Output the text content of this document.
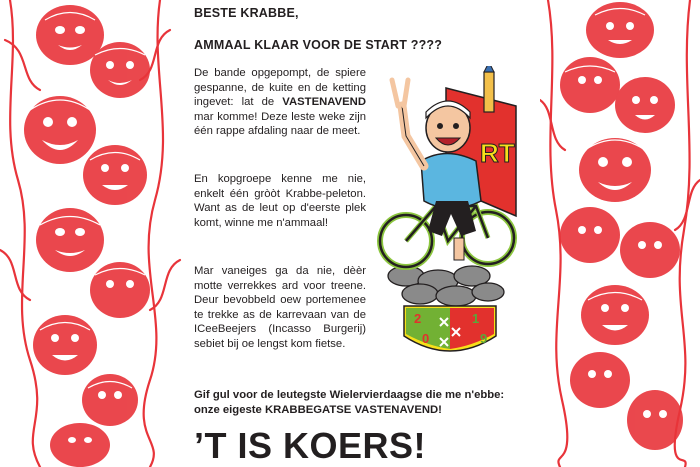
BESTE KRABBE,
AMMAAL KLAAR VOOR DE START ????
De bande opgepompt, de spiere gespanne, de kuite en de ketting ingevet: lat de VASTENAVEND mar komme! Deze leste weke zijn één rappe afdaling naar de meet.
En kopgroepe kenne me nie, enkelt één gròòt Krabbe-peleton. Want as de leut op d'eerste plek komt, winne me n'ammaal!
Mar vaneiges ga da nie, dèèr motte verrekkes ard voor treene. Deur bevobbeld oew portemenee te trekke as de karrevaan van de ICeeBeejers (Incasso Burgerij) sebiet bij oe lengst kom fietse.
Gif gul voor de leutegste Wielervierdaagse die me n'ebbe: onze eigeste KRABBEGATSE VASTENAVEND!
’T IS KOERS!
RT
2
0
1
9
